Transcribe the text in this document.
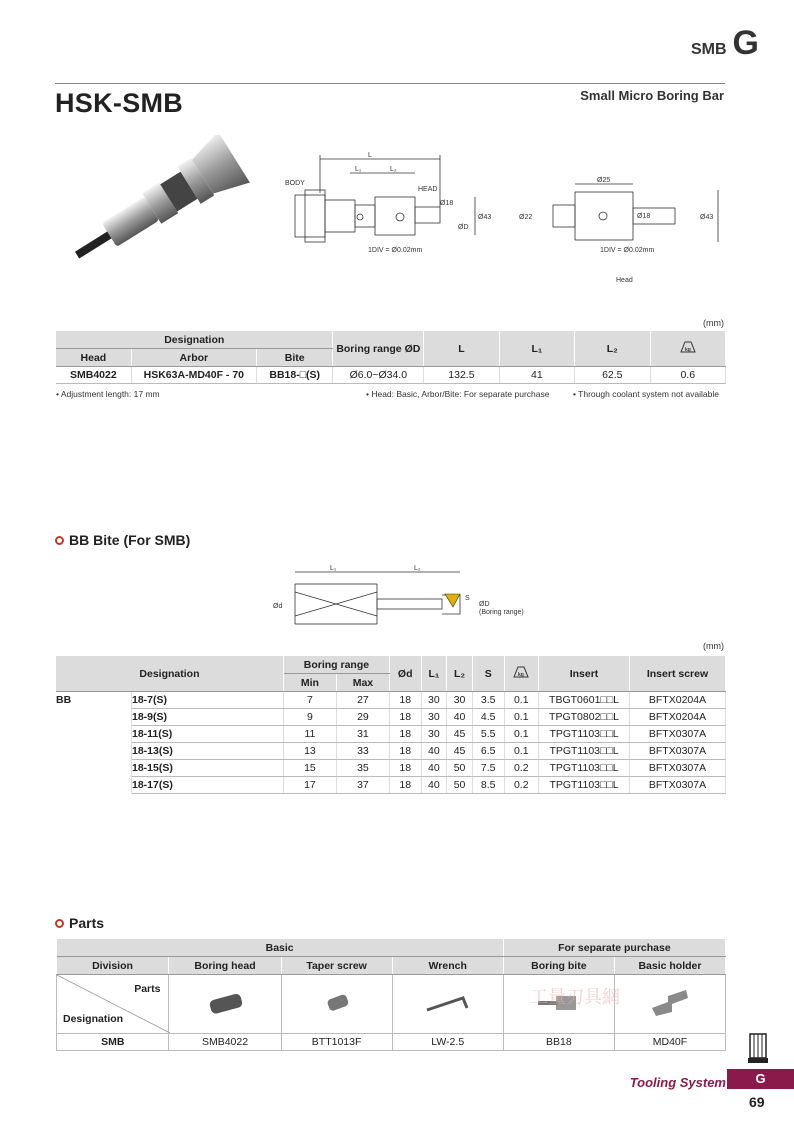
SMB G
HSK-SMB	Small Micro Boring Bar
BODY
HEAD
L
L₁	L₂
Ø18
Ø43
ØD
1DIV = Ø0.02mm
Ø25
Ø22	Ø18	Ø43
1DIV = Ø0.02mm
Head
(mm)
Designation			Boring range ØD	L	L₁	L₂	kg

Head	Arbor	Bite					
SMB4022	HSK63A-MD40F - 70	BB18-□(S)	Ø6.0~Ø34.0	132.5	41	62.5	0.6
• Adjustment length: 17 mm	• Head: Basic, Arbor/Bite: For separate purchase	• Through coolant system not available
BB Bite (For SMB)
L₁	L₂
Ød
S
ØD
(Boring range)
(mm)
Designation		Boring range		Ød	L₁	L₂	S	kg	Insert	Insert screw
		Min	Max							
BB	18-7(S)	7	27	18	30	30	3.5	0.1	TBGT0601□□L	BFTX0204A
	18-9(S)	9	29	18	30	40	4.5	0.1	TPGT0802□□L	BFTX0204A
	18-11(S)	11	31	18	30	45	5.5	0.1	TPGT1103□□L	BFTX0307A
	18-13(S)	13	33	18	40	45	6.5	0.1	TPGT1103□□L	BFTX0307A
	18-15(S)	15	35	18	40	50	7.5	0.2	TPGT1103□□L	BFTX0307A
	18-17(S)	17	37	18	40	50	8.5	0.2	TPGT1103□□L	BFTX0307A
Parts
Basic				For separate purchase	
Division	Boring head	Taper screw	Wrench	Boring bite	Basic holder

Parts
Designation

SMB	SMB4022	BTT1013F	LW-2.5	BB18	MD40F
工量刃具網
Tooling System	G
69
